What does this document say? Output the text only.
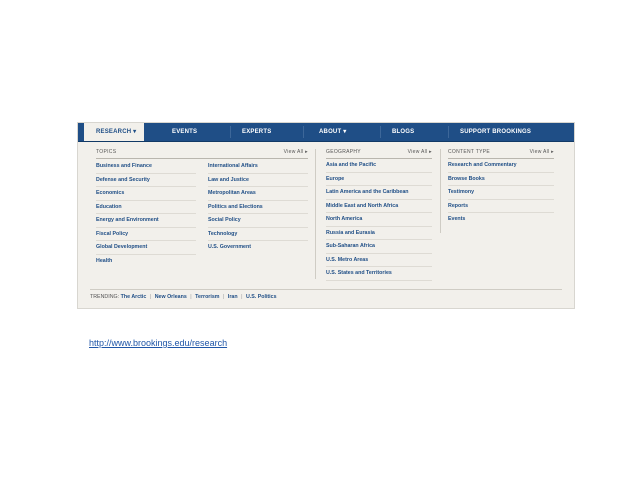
RESEARCH ▾	EVENTS	EXPERTS	ABOUT ▾	BLOGS	SUPPORT BROOKINGS
TOPICS	View All ▸
Business and Finance
Defense and Security
Economics
Education
Energy and Environment
Fiscal Policy
Global Development
Health
International Affairs
Law and Justice
Metropolitan Areas
Politics and Elections
Social Policy
Technology
U.S. Government
GEOGRAPHY	View All ▸
Asia and the Pacific
Europe
Latin America and the Caribbean
Middle East and North Africa
North America
Russia and Eurasia
Sub-Saharan Africa
U.S. Metro Areas
U.S. States and Territories
CONTENT TYPE	View All ▸
Research and Commentary
Browse Books
Testimony
Reports
Events
TRENDING: The Arctic | New Orleans | Terrorism | Iran | U.S. Politics
http://www.brookings.edu/research
